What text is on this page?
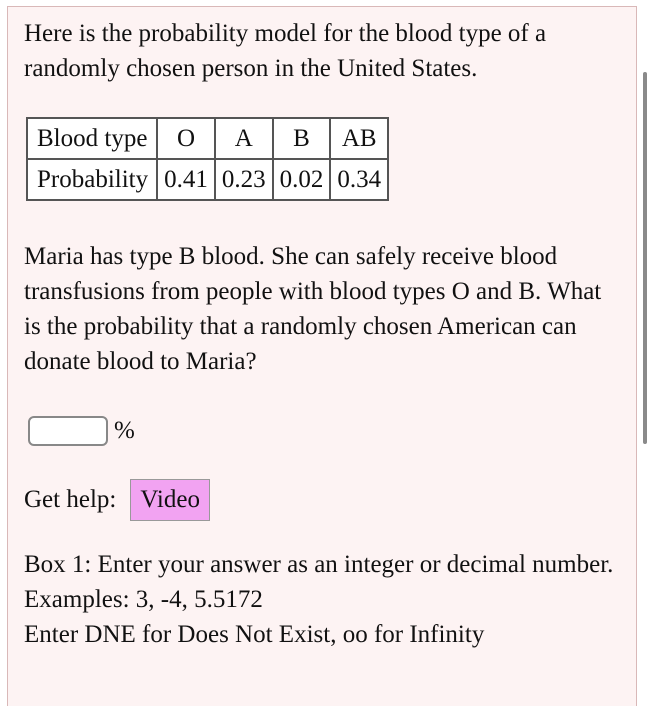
Here is the probability model for the blood type of a randomly chosen person in the United States.

Blood type	O	A	B	AB
Probability	0.41	0.23	0.02	0.34

Maria has type B blood. She can safely receive blood transfusions from people with blood types O and B. What is the probability that a randomly chosen American can donate blood to Maria?

%
Get help: Video

Box 1: Enter your answer as an integer or decimal number. Examples: 3, -4, 5.5172
Enter DNE for Does Not Exist, oo for Infinity
